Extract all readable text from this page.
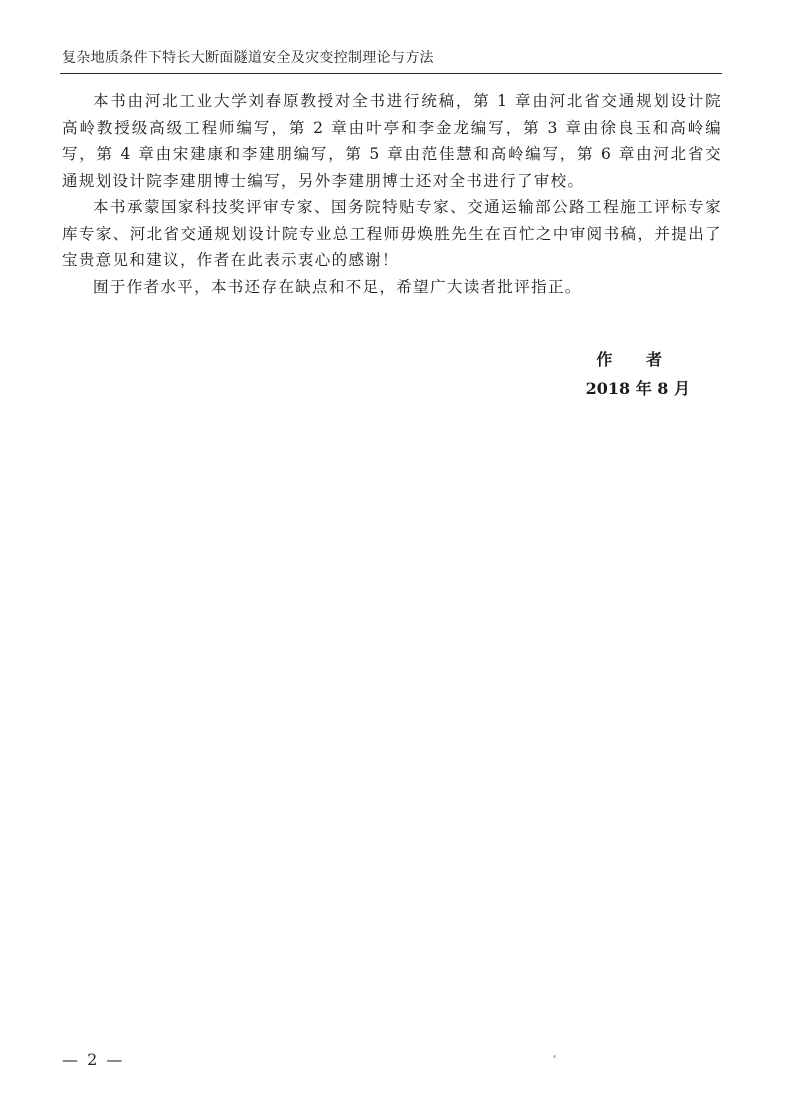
复杂地质条件下特长大断面隧道安全及灾变控制理论与方法

本书由河北工业大学刘春原教授对全书进行统稿，第 1 章由河北省交通规划设计院高岭教授级高级工程师编写，第 2 章由叶亭和李金龙编写，第 3 章由徐良玉和高岭编写，第 4 章由宋建康和李建朋编写，第 5 章由范佳慧和高岭编写，第 6 章由河北省交通规划设计院李建朋博士编写，另外李建朋博士还对全书进行了审校。

本书承蒙国家科技奖评审专家、国务院特贴专家、交通运输部公路工程施工评标专家库专家、河北省交通规划设计院专业总工程师毋焕胜先生在百忙之中审阅书稿，并提出了宝贵意见和建议，作者在此表示衷心的感谢！

囿于作者水平，本书还存在缺点和不足，希望广大读者批评指正。

作 者
2018 年 8 月
— 2 —
